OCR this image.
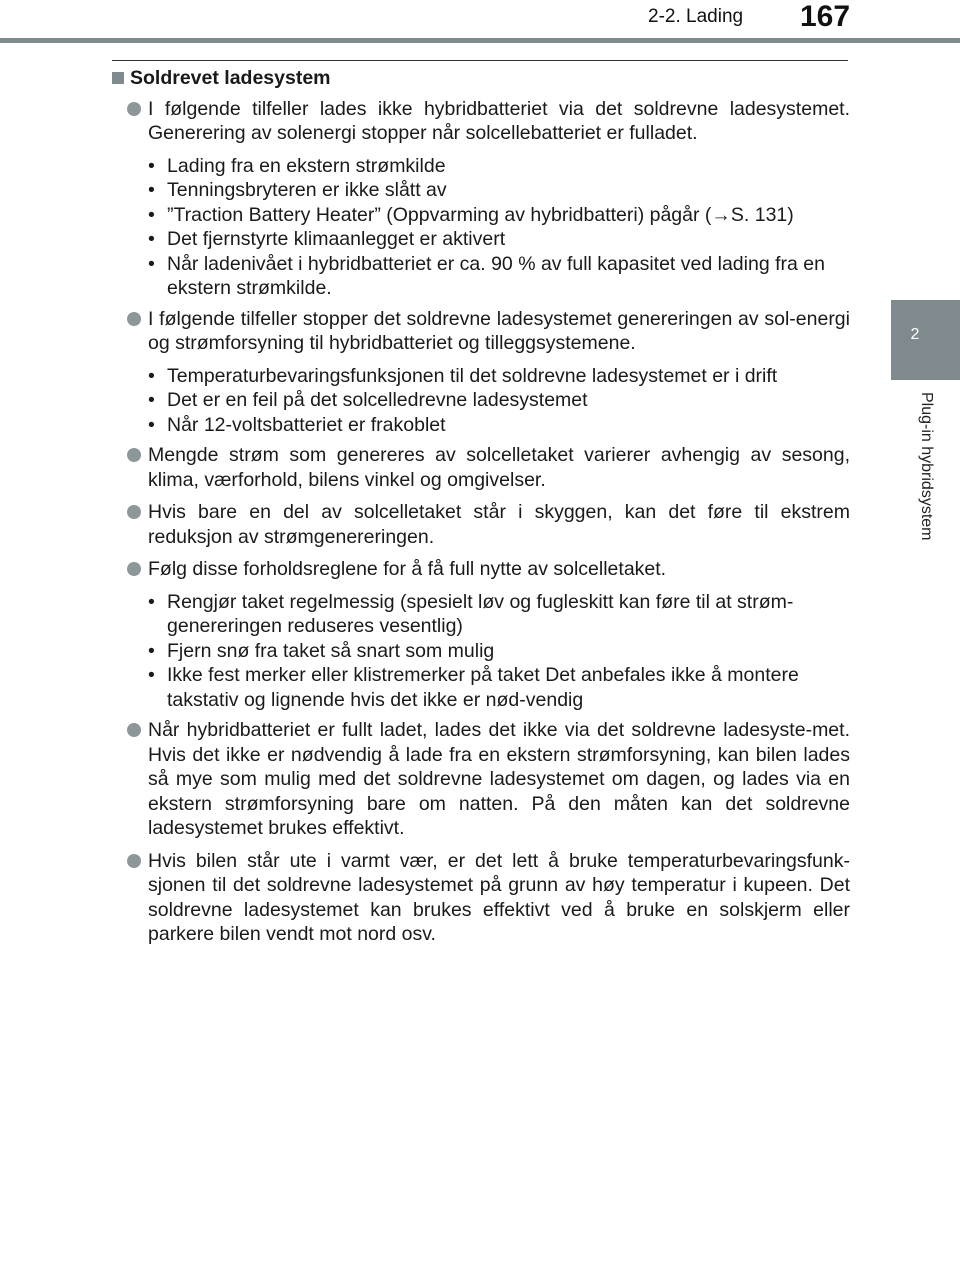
2-2. Lading 167
2
Plug-in hybridsystem
Soldrevet ladesystem
I følgende tilfeller lades ikke hybridbatteriet via det soldrevne ladesystemet. Generering av solenergi stopper når solcellebatteriet er fulladet.
• Lading fra en ekstern strømkilde
• Tenningsbryteren er ikke slått av
• ”Traction Battery Heater” (Oppvarming av hybridbatteri) pågår (→S. 131)
• Det fjernstyrte klimaanlegget er aktivert
• Når ladenivået i hybridbatteriet er ca. 90 % av full kapasitet ved lading fra en ekstern strømkilde.
I følgende tilfeller stopper det soldrevne ladesystemet genereringen av sol-energi og strømforsyning til hybridbatteriet og tilleggsystemene.
• Temperaturbevaringsfunksjonen til det soldrevne ladesystemet er i drift
• Det er en feil på det solcelledrevne ladesystemet
• Når 12-voltsbatteriet er frakoblet
Mengde strøm som genereres av solcelletaket varierer avhengig av sesong, klima, værforhold, bilens vinkel og omgivelser.
Hvis bare en del av solcelletaket står i skyggen, kan det føre til ekstrem reduksjon av strømgenereringen.
Følg disse forholdsreglene for å få full nytte av solcelletaket.
• Rengjør taket regelmessig (spesielt løv og fugleskitt kan føre til at strøm-genereringen reduseres vesentlig)
• Fjern snø fra taket så snart som mulig
• Ikke fest merker eller klistremerker på taket Det anbefales ikke å montere takstativ og lignende hvis det ikke er nød-vendig
Når hybridbatteriet er fullt ladet, lades det ikke via det soldrevne ladesyste-met. Hvis det ikke er nødvendig å lade fra en ekstern strømforsyning, kan bilen lades så mye som mulig med det soldrevne ladesystemet om dagen, og lades via en ekstern strømforsyning bare om natten. På den måten kan det soldrevne ladesystemet brukes effektivt.
Hvis bilen står ute i varmt vær, er det lett å bruke temperaturbevaringsfunk-sjonen til det soldrevne ladesystemet på grunn av høy temperatur i kupeen. Det soldrevne ladesystemet kan brukes effektivt ved å bruke en solskjerm eller parkere bilen vendt mot nord osv.
